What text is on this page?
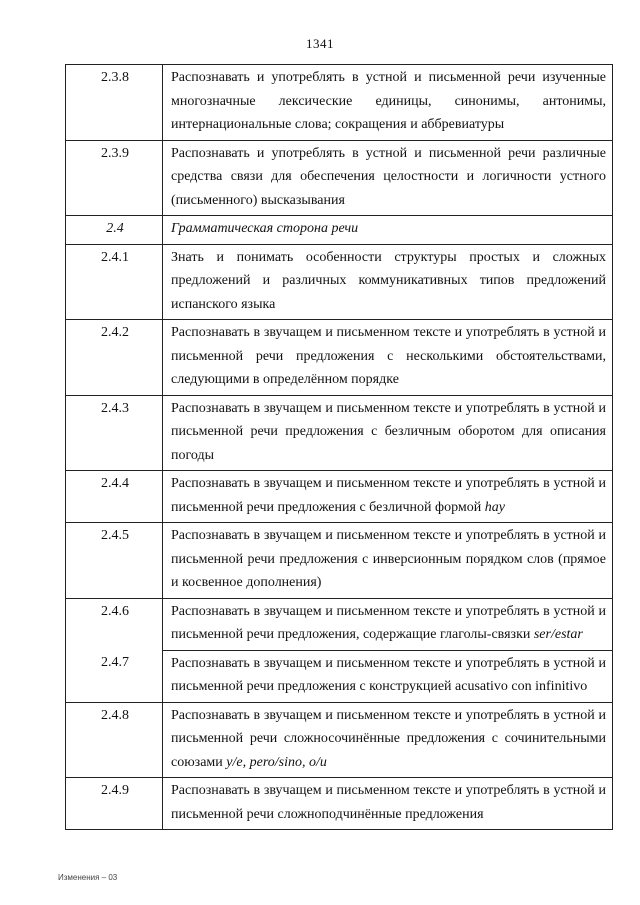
1341
2.3.8	Распознавать и употреблять в устной и письменной речи изученные многозначные лексические единицы, синонимы, антонимы, интернациональные слова; сокращения и аббревиатуры
2.3.9	Распознавать и употреблять в устной и письменной речи различные средства связи для обеспечения целостности и логичности устного (письменного) высказывания
2.4	Грамматическая сторона речи
2.4.1	Знать и понимать особенности структуры простых и сложных предложений и различных коммуникативных типов предложений испанского языка
2.4.2	Распознавать в звучащем и письменном тексте и употреблять в устной и письменной речи предложения с несколькими обстоятельствами, следующими в определённом порядке
2.4.3	Распознавать в звучащем и письменном тексте и употреблять в устной и письменной речи предложения с безличным оборотом для описания погоды
2.4.4	Распознавать в звучащем и письменном тексте и употреблять в устной и письменной речи предложения с безличной формой hay
2.4.5	Распознавать в звучащем и письменном тексте и употреблять в устной и письменной речи предложения с инверсионным порядком слов (прямое и косвенное дополнения)
2.4.6	Распознавать в звучащем и письменном тексте и употреблять в устной и письменной речи предложения, содержащие глаголы-связки ser/estar
2.4.7	Распознавать в звучащем и письменном тексте и употреблять в устной и письменной речи предложения с конструкцией acusativo con infinitivo
2.4.8	Распознавать в звучащем и письменном тексте и употреблять в устной и письменной речи сложносочинённые предложения с сочинительными союзами y/e, pero/sino, o/u
2.4.9	Распознавать в звучащем и письменном тексте и употреблять в устной и письменной речи сложноподчинённые предложения
Изменения – 03
